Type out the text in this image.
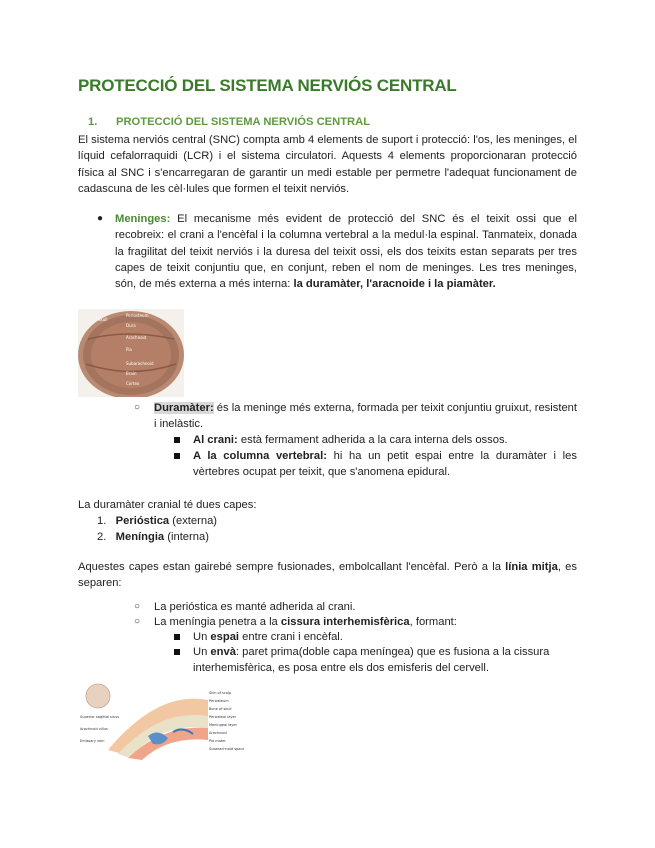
PROTECCIÓ DEL SISTEMA NERVIÓS CENTRAL
1. PROTECCIÓ DEL SISTEMA NERVIÓS CENTRAL
El sistema nerviós central (SNC) compta amb 4 elements de suport i protecció: l'os, les meninges, el líquid cefalorraquidi (LCR) i el sistema circulatori. Aquests 4 elements proporcionaran protecció física al SNC i s'encarregaran de garantir un medi estable per permetre l'adequat funcionament de cadascuna de les cèl·lules que formen el teixit nerviós.
● Meninges: El mecanisme més evident de protecció del SNC és el teixit ossi que el recobreix: el crani a l'encèfal i la columna vertebral a la medul·la espinal. Tanmateix, donada la fragilitat del teixit nerviós i la duresa del teixit ossi, els dos teixits estan separats per tres capes de teixit conjuntiu que, en conjunt, reben el nom de meninges. Les tres meninges, són, de més externa a més interna: la duramàter, l'aracnoide i la piamàter.
Periosteum
Dura
Arachnoid
Pia
Skull
Subarachnoid
Brain
Cortex
○ Duramàter: és la meninge més externa, formada per teixit conjuntiu gruixut, resistent i inelàstic.
Al crani: està fermament adherida a la cara interna dels ossos.
A la columna vertebral: hi ha un petit espai entre la duramàter i les vèrtebres ocupat per teixit, que s'anomena epidural.
La duramàter cranial té dues capes:
1. Perióstica (externa)
2. Meníngia (interna)
Aquestes capes estan gairebé sempre fusionades, embolcallant l'encèfal. Però a la línia mitja, es separen:
○ La perióstica es manté adherida al crani.
○ La meníngia penetra a la cissura interhemisfèrica, formant:
Un espai entre crani i encèfal.
Un envà: paret prima(doble capa meníngea) que es fusiona a la cissura interhemisfèrica, es posa entre els dos emisferis del cervell.
Superior sagittal sinus
Arachnoid villus
Emissary vein
Skin of scalp
Periosteum
Bone of skull
Periosteal layer
Meningeal layer
Arachnoid
Pia mater
Subarachnoid space
